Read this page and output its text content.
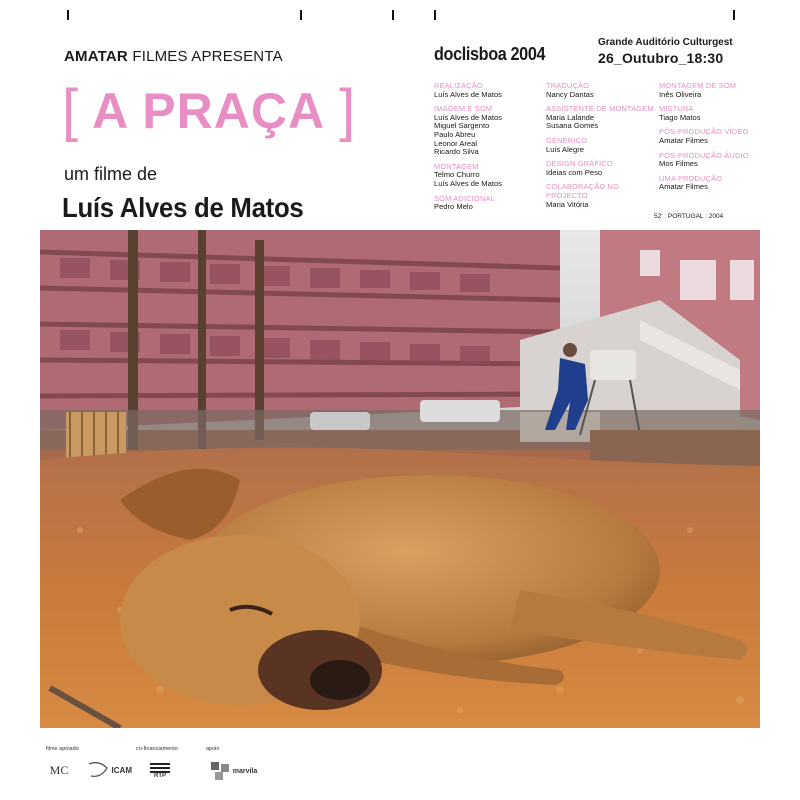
AMATAR FILMES APRESENTA
[ A PRAÇA ]
um filme de
Luís Alves de Matos
doclisboa 2004
Grande Auditório Culturgest
26_Outubro_18:30
REALIZAÇÃO
Luís Alves de Matos
IMAGEM E SOM
Luís Alves de Matos
Miguel Sargento
Paulo Abreu
Leonor Areal
Ricardo Silva
MONTAGEM
Telmo Churro
Luís Alves de Matos
SOM ADICIONAL
Pedro Melo
TRADUÇÃO
Nancy Dantas
ASSISTENTE DE MONTAGEM
Maria Lalande
Susana Gomes
GENÉRICO
Luís Alegre
DESIGN GRÁFICO
Ideias com Peso
COLABORAÇÃO NO PROJECTO
Maria Vitória
MONTAGEM DE SOM
Inês Oliveira
MISTURA
Tiago Matos
PÓS-PRODUÇÃO VÍDEO
Amatar Filmes
PÓS-PRODUÇÃO ÁUDIO
Mos Filmes
UMA PRODUÇÃO
Amatar Filmes
52' : PORTUGAL : 2004
filme apoiado	co-financiamento	apoio
MC	ICAM
RTP
marvila
